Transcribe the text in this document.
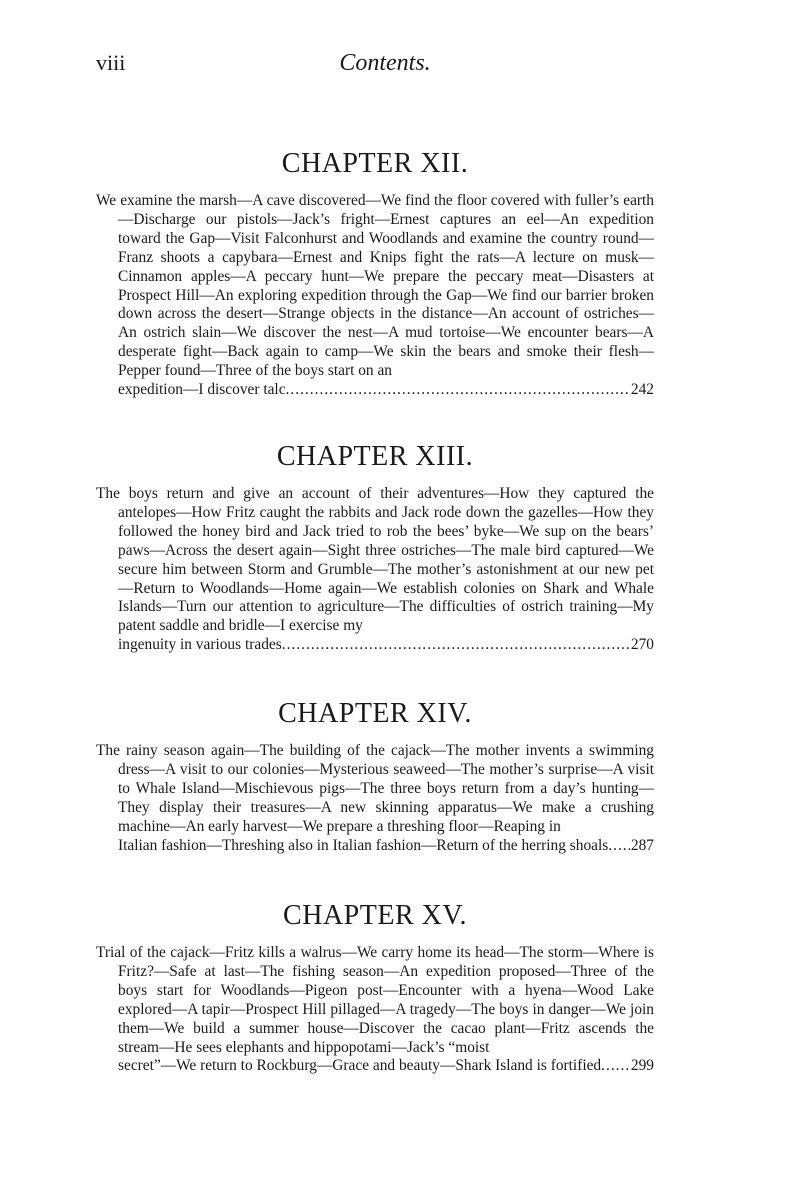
viii	Contents.
CHAPTER XII.

We examine the marsh—A cave discovered—We find the floor covered with fuller’s earth—Discharge our pistols—Jack’s fright—Ernest captures an eel—An expedition toward the Gap—Visit Falconhurst and Woodlands and examine the country round—Franz shoots a capybara—Ernest and Knips fight the rats—A lecture on musk—Cinnamon apples—A peccary hunt—We prepare the peccary meat—Disasters at Prospect Hill—An exploring expedition through the Gap—We find our barrier broken down across the desert—Strange objects in the distance—An account of ostriches—An ostrich slain—We discover the nest—A mud tortoise—We encounter bears—A desperate fight—Back again to camp—We skin the bears and smoke their flesh—Pepper found—Three of the boys start on an

expedition—I discover talc. .....	242
CHAPTER XIII.

The boys return and give an account of their adventures—How they captured the antelopes—How Fritz caught the rabbits and Jack rode down the gazelles—How they followed the honey bird and Jack tried to rob the bees’ byke—We sup on the bears’ paws—Across the desert again—Sight three ostriches—The male bird captured—We secure him between Storm and Grumble—The mother’s astonishment at our new pet—Return to Woodlands—Home again—We establish colonies on Shark and Whale Islands—Turn our attention to agriculture—The difficulties of ostrich training—My patent saddle and bridle—I exercise my

ingenuity in various trades. .....	270
CHAPTER XIV.

The rainy season again—The building of the cajack—The mother invents a swimming dress—A visit to our colonies—Mysterious seaweed—The mother’s surprise—A visit to Whale Island—Mischievous pigs—The three boys return from a day’s hunting—They display their treasures—A new skinning apparatus—We make a crushing machine—An early harvest—We prepare a threshing floor—Reaping in

Italian fashion—Threshing also in Italian fashion—Return of the herring shoals. ..... 287
CHAPTER XV.

Trial of the cajack—Fritz kills a walrus—We carry home its head—The storm—Where is Fritz?—Safe at last—The fishing season—An expedition proposed—Three of the boys start for Woodlands—Pigeon post—Encounter with a hyena—Wood Lake explored—A tapir—Prospect Hill pillaged—A tragedy—The boys in danger—We join them—We build a summer house—Discover the cacao plant—Fritz ascends the stream—He sees elephants and hippopotami—Jack’s “moist

secret”—We return to Rockburg—Grace and beauty—Shark Island is fortified. ..... 299
